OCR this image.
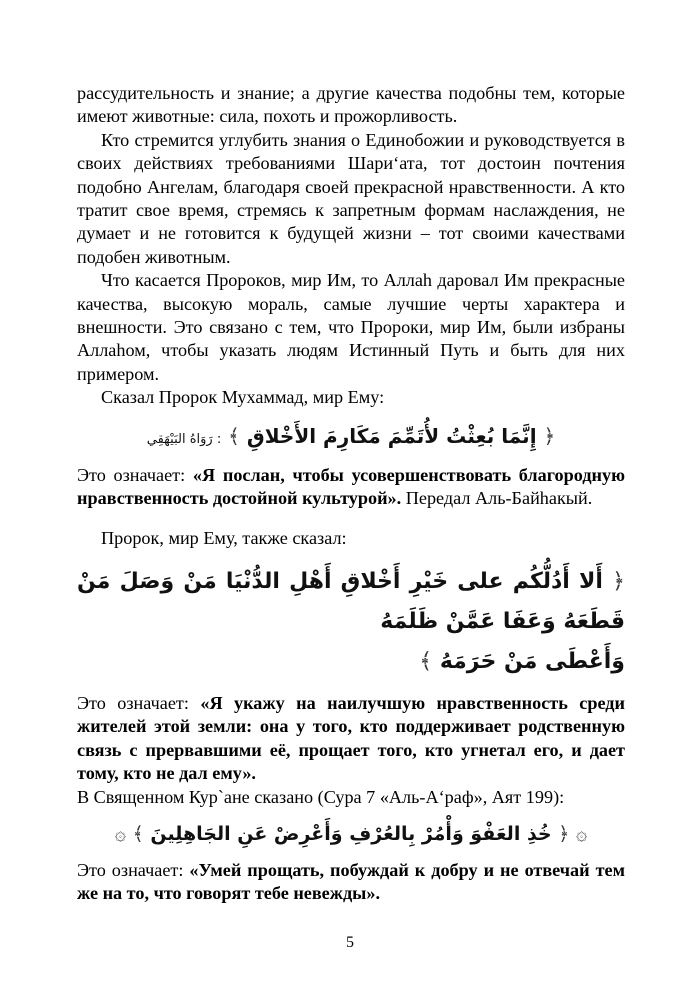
рассудительность и знание; а другие качества подобны тем, которые имеют животные: сила, похоть и прожорливость.

Кто стремится углубить знания о Единобожии и руководствуется в своих действиях требованиями Шари‘ата, тот достоин почтения подобно Ангелам, благодаря своей прекрасной нравственности. А кто тратит свое время, стремясь к запретным формам наслаждения, не думает и не готовится к будущей жизни – тот своими качествами подобен животным.

Что касается Пророков, мир Им, то Аллаh даровал Им прекрасные качества, высокую мораль, самые лучшие черты характера и внешности. Это связано с тем, что Пророки, мир Им, были избраны Аллаhом, чтобы указать людям Истинный Путь и быть для них примером.

Сказал Пророк Мухаммад, мир Ему:

﴿ إِنَّمَا بُعِثْتُ لأُتَمِّمَ مَكَارِمَ الأَخْلاقِ ﴾ : رَوَاهُ البَيْهَقِي

Это означает: «Я послан, чтобы усовершенствовать благородную нравственность достойной культурой». Передал Аль-Байhакый.

Пророк, мир Ему, также сказал:

﴿ أَلا أَدُلُّكُم على خَيْرِ أَخْلاقِ أَهْلِ الدُّنْيَا مَنْ وَصَلَ مَنْ قَطَعَهُ وَعَفَا عَمَّنْ ظَلَمَهُ
وَأَعْطَى مَنْ حَرَمَهُ ﴾

Это означает: «Я укажу на наилучшую нравственность среди жителей этой земли: она у того, кто поддерживает родственную связь с прервавшими её, прощает того, кто угнетал его, и дает тому, кто не дал ему».

В Священном Кур`ане сказано (Сура 7 «Аль-А‘раф», Аят 199):

۞ ﴿ خُذِ العَفْوَ وَأْمُرْ بِالعُرْفِ وَأَعْرِضْ عَنِ الجَاهِلِينَ ﴾ ۞

Это означает: «Умей прощать, побуждай к добру и не отвечай тем же на то, что говорят тебе невежды».

5
